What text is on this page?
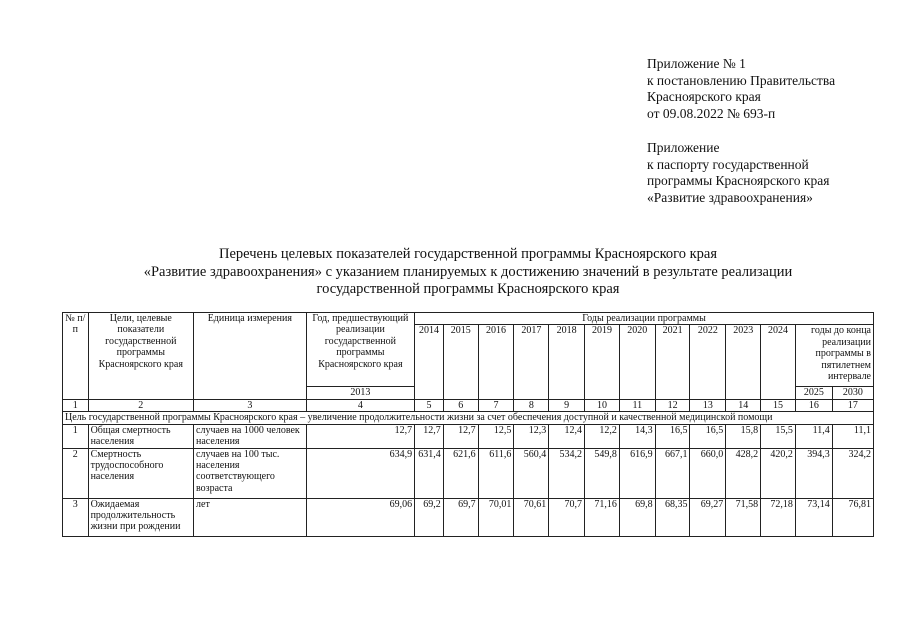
Приложение № 1
к постановлению Правительства
Красноярского края
от 09.08.2022 № 693-п
Приложение
к паспорту государственной
программы Красноярского края
«Развитие здравоохранения»
Перечень целевых показателей государственной программы Красноярского края
«Развитие здравоохранения» с указанием планируемых к достижению значений в результате реализации
государственной программы Красноярского края
№ п/п	Цели, целевые показатели государственной программы Красноярского края	Единица измерения	Год, предшествующий реализации государственной программы Красноярского края	Годы реализации программы												
				2014	2015	2016	2017	2018	2019	2020	2021	2022	2023	2024	годы до конца реализации программы в пятилетнем интервале	
			2013												2025	2030
1	2	3	4	5	6	7	8	9	10	11	12	13	14	15	16	17
Цель государственной программы Красноярского края – увеличение продолжительности жизни за счет обеспечения доступной и качественной медицинской помощи																
1	Общая смертность населения	случаев на 1000 человек населения	12,7	12,7	12,7	12,5	12,3	12,4	12,2	14,3	16,5	16,5	15,8	15,5	11,4	11,1
2	Смертность трудоспособного населения	случаев на 100 тыс. населения соответствующего возраста	634,9	631,4	621,6	611,6	560,4	534,2	549,8	616,9	667,1	660,0	428,2	420,2	394,3	324,2
3	Ожидаемая продолжительность жизни при рождении	лет	69,06	69,2	69,7	70,01	70,61	70,7	71,16	69,8	68,35	69,27	71,58	72,18	73,14	76,81
